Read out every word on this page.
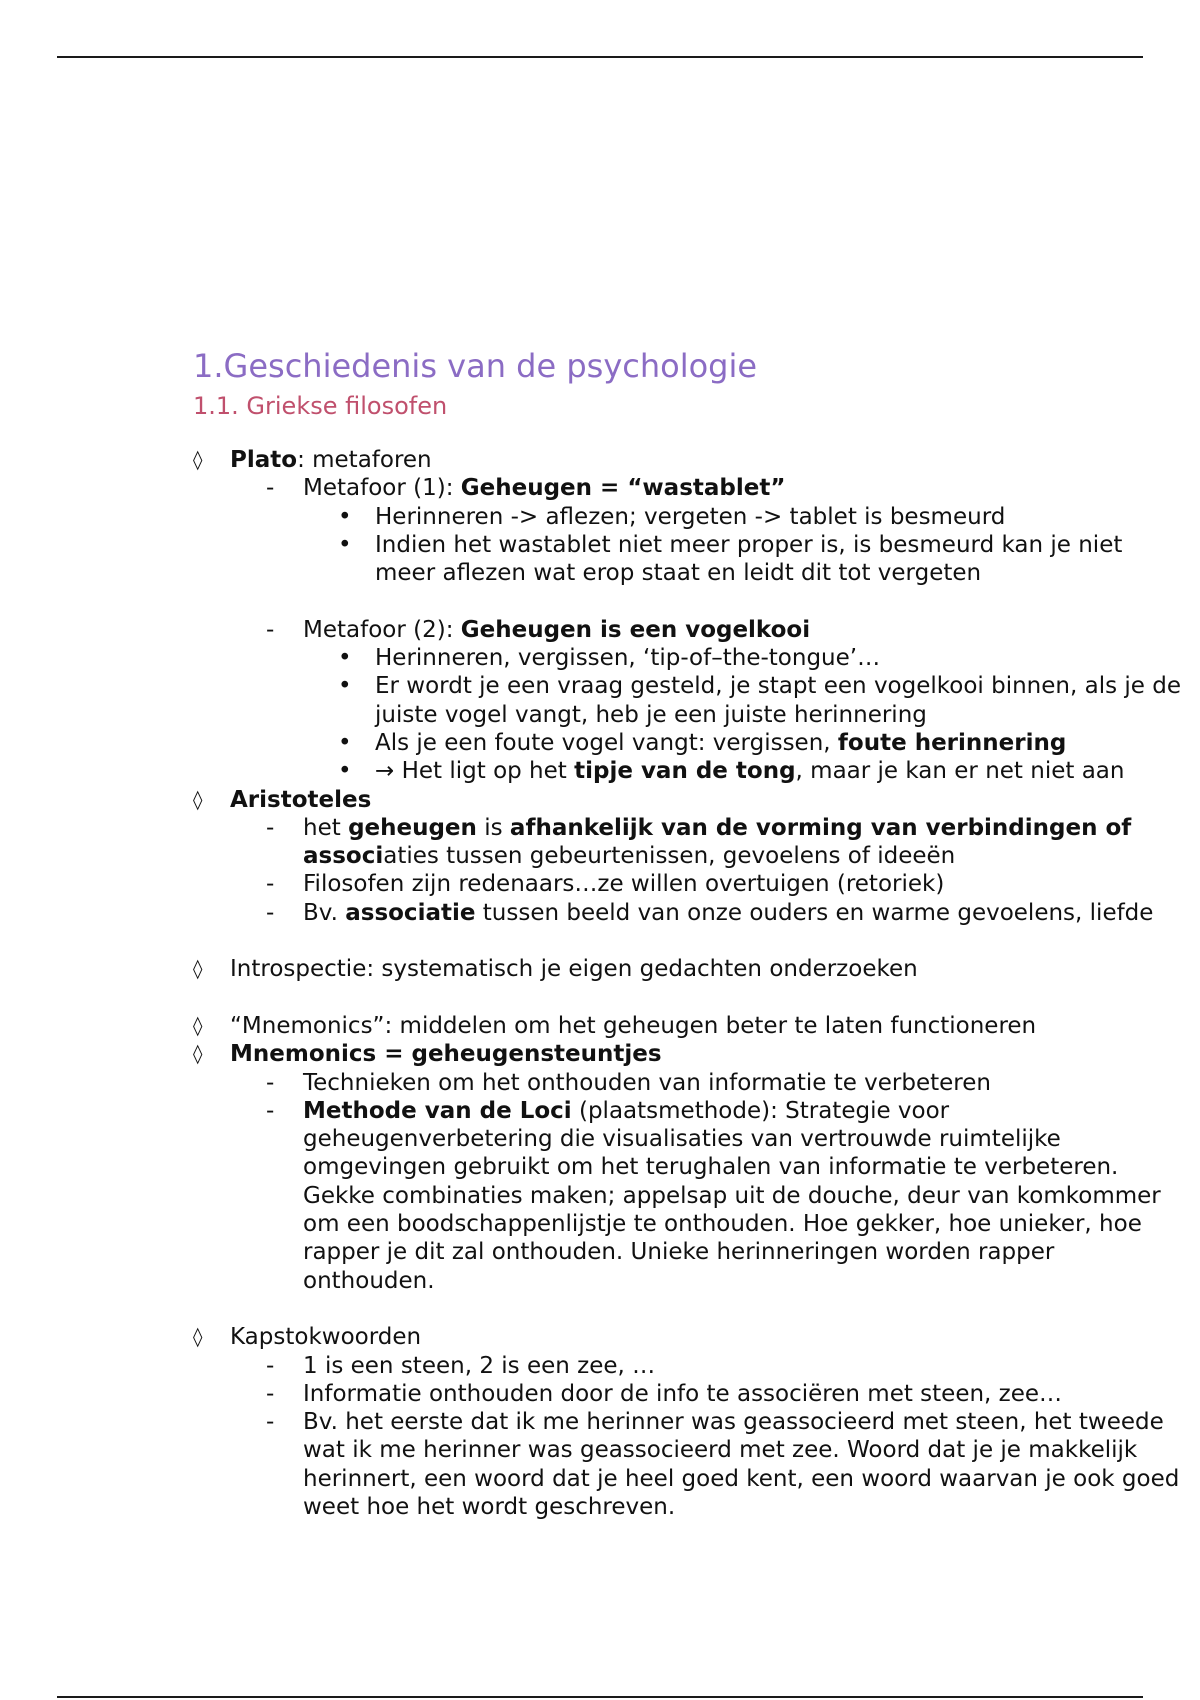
1.Geschiedenis van de psychologie
1.1. Griekse filosofen
◊ Plato: metaforen
- Metafoor (1): Geheugen = “wastablet”
• Herinneren -> aflezen; vergeten -> tablet is besmeurd
• Indien het wastablet niet meer proper is, is besmeurd kan je niet meer aflezen wat erop staat en leidt dit tot vergeten
- Metafoor (2): Geheugen is een vogelkooi
• Herinneren, vergissen, ‘tip-of–the-tongue’…
• Er wordt je een vraag gesteld, je stapt een vogelkooi binnen, als je de juiste vogel vangt, heb je een juiste herinnering
• Als je een foute vogel vangt: vergissen, foute herinnering
• → Het ligt op het tipje van de tong, maar je kan er net niet aan
◊ Aristoteles
- het geheugen is afhankelijk van de vorming van verbindingen of associaties tussen gebeurtenissen, gevoelens of ideeën
- Filosofen zijn redenaars…ze willen overtuigen (retoriek)
- Bv. associatie tussen beeld van onze ouders en warme gevoelens, liefde
◊ Introspectie: systematisch je eigen gedachten onderzoeken
◊ “Mnemonics”: middelen om het geheugen beter te laten functioneren
◊ Mnemonics = geheugensteuntjes
- Technieken om het onthouden van informatie te verbeteren
- Methode van de Loci (plaatsmethode): Strategie voor geheugenverbetering die visualisaties van vertrouwde ruimtelijke omgevingen gebruikt om het terughalen van informatie te verbeteren. Gekke combinaties maken; appelsap uit de douche, deur van komkommer om een boodschappenlijstje te onthouden. Hoe gekker, hoe unieker, hoe rapper je dit zal onthouden. Unieke herinneringen worden rapper onthouden.
◊ Kapstokwoorden
- 1 is een steen, 2 is een zee, …
- Informatie onthouden door de info te associëren met steen, zee…
- Bv. het eerste dat ik me herinner was geassocieerd met steen, het tweede wat ik me herinner was geassocieerd met zee. Woord dat je je makkelijk herinnert, een woord dat je heel goed kent, een woord waarvan je ook goed weet hoe het wordt geschreven.
